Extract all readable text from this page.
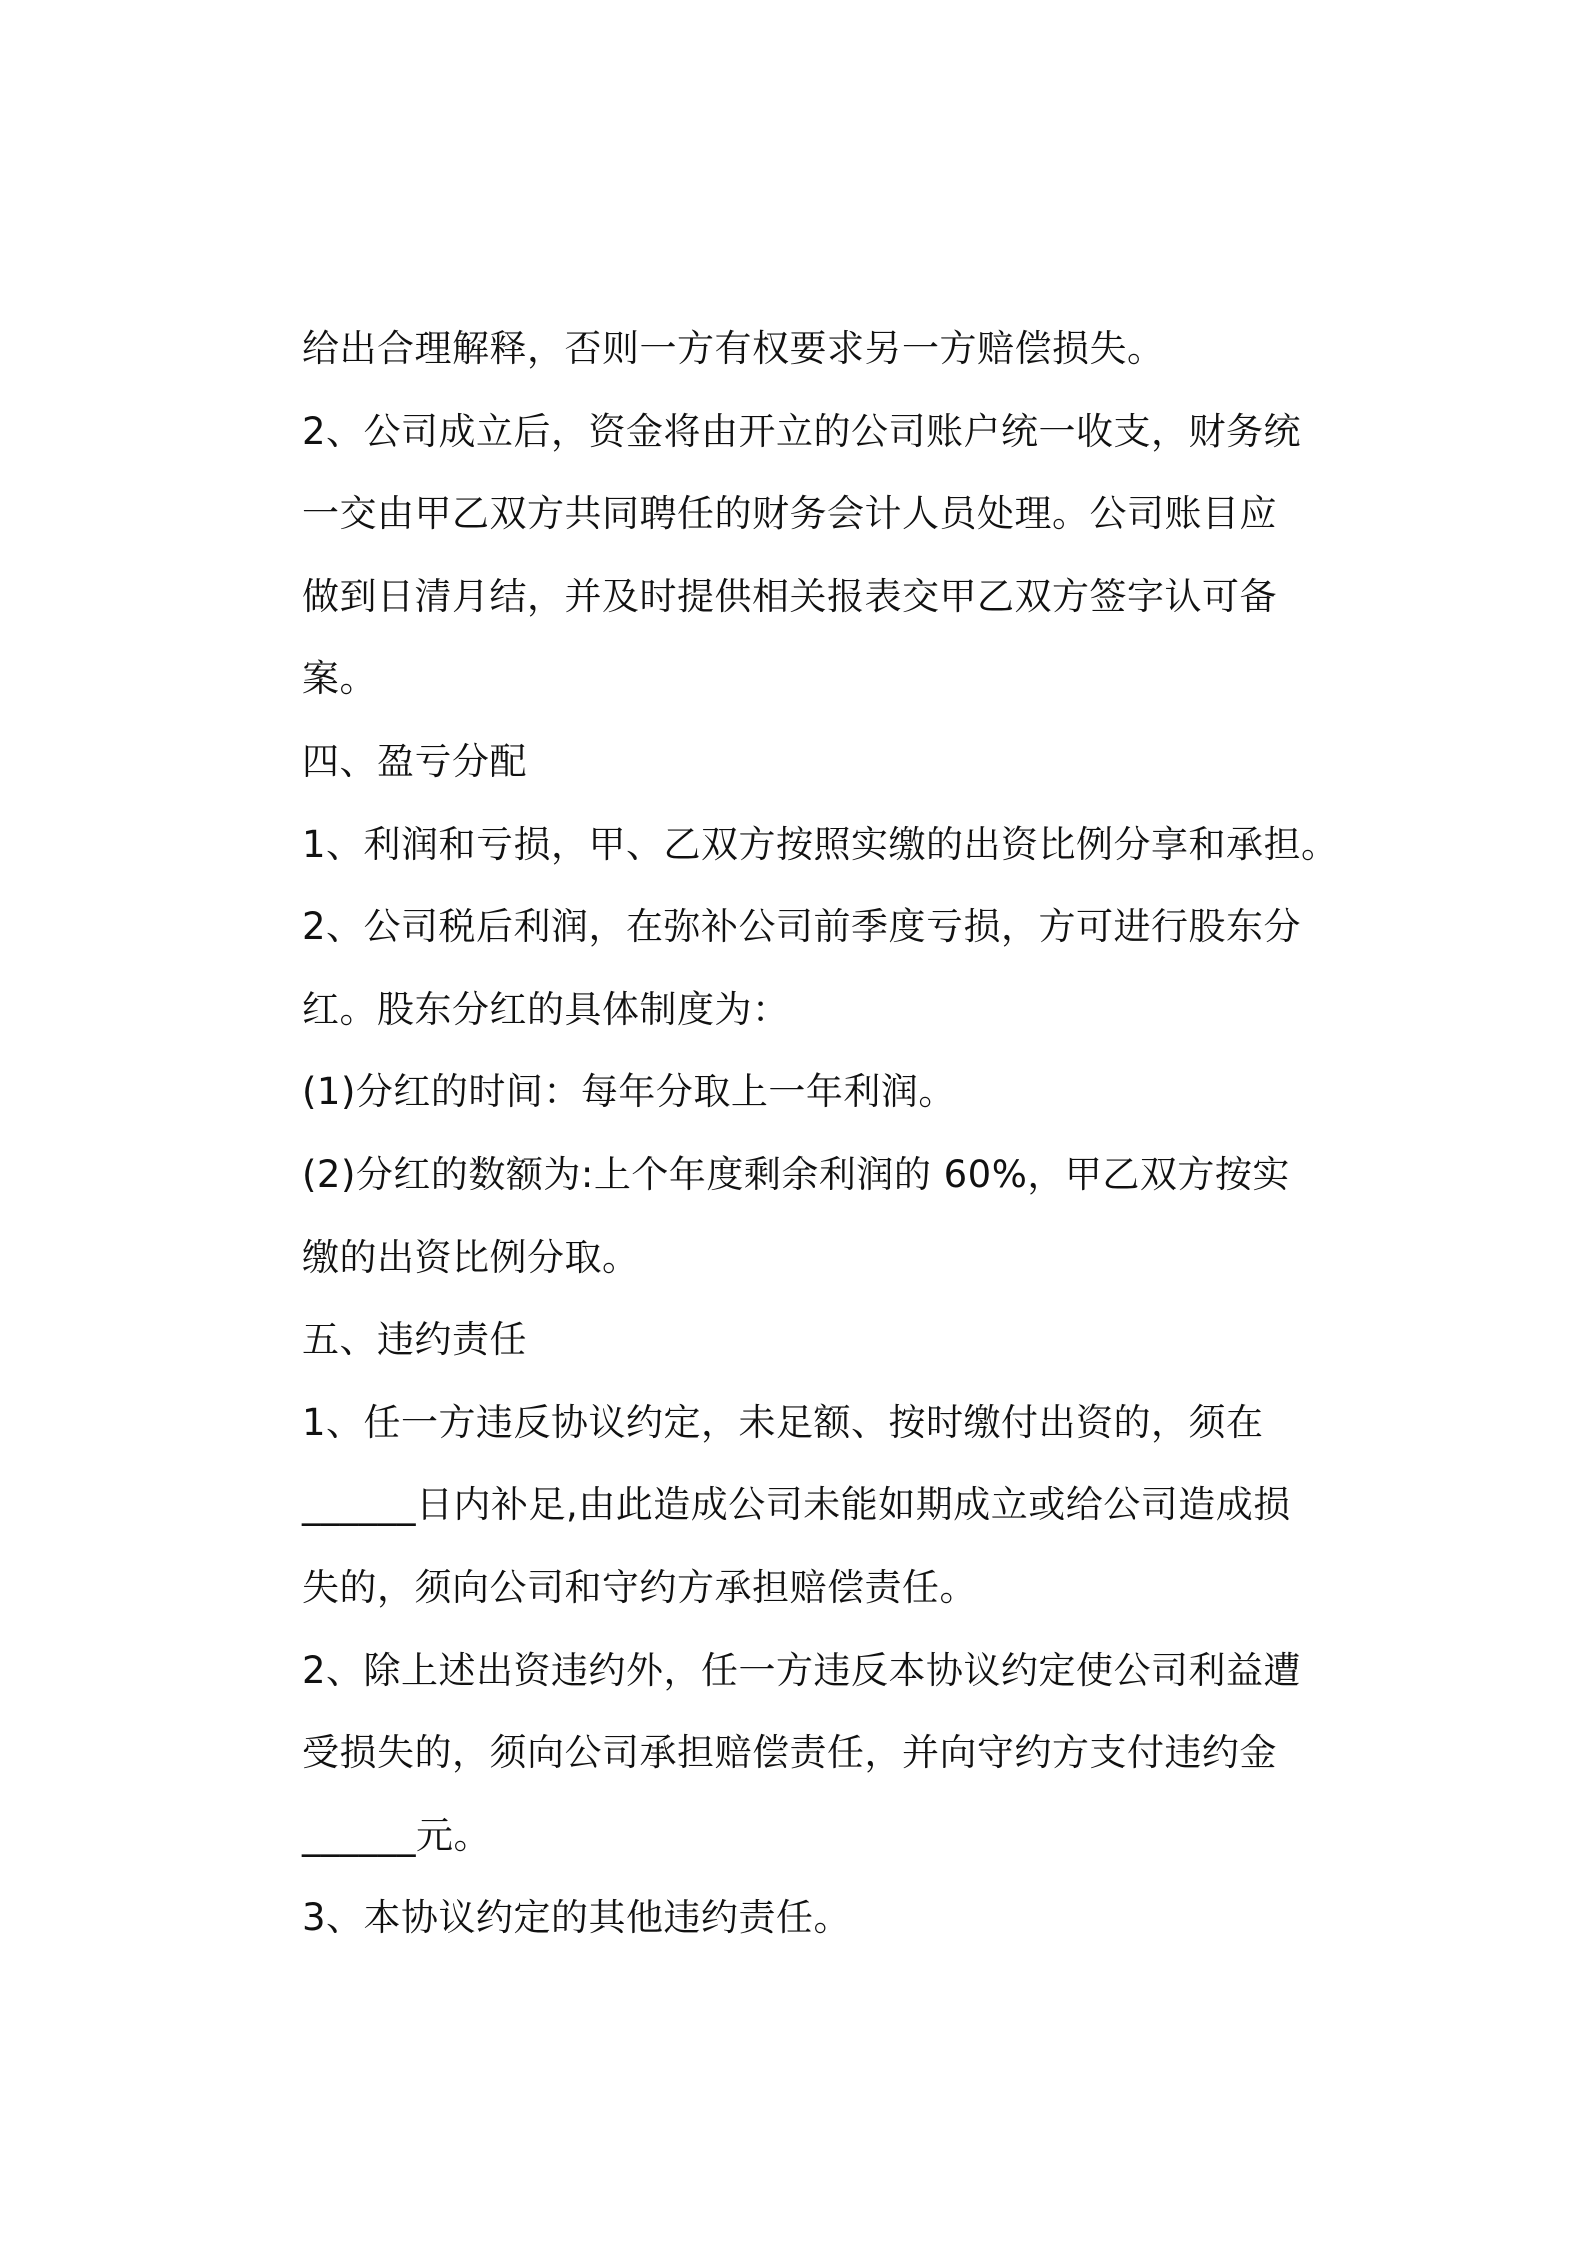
给出合理解释，否则一方有权要求另一方赔偿损失。
2、公司成立后，资金将由开立的公司账户统一收支，财务统
一交由甲乙双方共同聘任的财务会计人员处理。公司账目应
做到日清月结，并及时提供相关报表交甲乙双方签字认可备
案。
四、盈亏分配
1、利润和亏损，甲、乙双方按照实缴的出资比例分享和承担。
2、公司税后利润，在弥补公司前季度亏损，方可进行股东分
红。股东分红的具体制度为：
(1)分红的时间：每年分取上一年利润。
(2)分红的数额为:上个年度剩余利润的 60%，甲乙双方按实
缴的出资比例分取。
五、违约责任
1、任一方违反协议约定，未足额、按时缴付出资的，须在
______日内补足,由此造成公司未能如期成立或给公司造成损
失的，须向公司和守约方承担赔偿责任。
2、除上述出资违约外，任一方违反本协议约定使公司利益遭
受损失的，须向公司承担赔偿责任，并向守约方支付违约金
______元。
3、本协议约定的其他违约责任。
